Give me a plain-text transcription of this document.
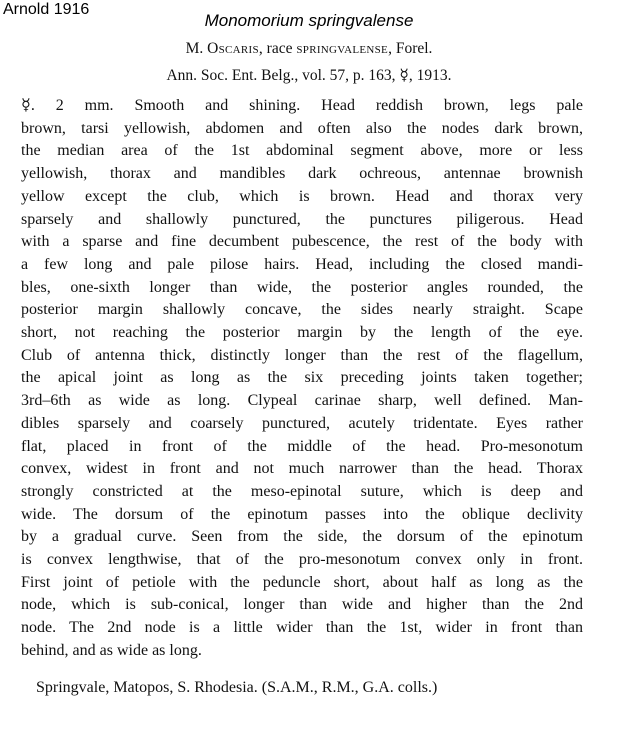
Arnold 1916
Monomorium springvalense
M. Oscaris, race springvalense, Forel.
Ann. Soc. Ent. Belg., vol. 57, p. 163, ☿, 1913.

☿. 2 mm. Smooth and shining. Head reddish brown, legs pale

brown, tarsi yellowish, abdomen and often also the nodes dark brown,

the median area of the 1st abdominal segment above, more or less

yellowish, thorax and mandibles dark ochreous, antennae brownish

yellow except the club, which is brown. Head and thorax very

sparsely and shallowly punctured, the punctures piligerous. Head

with a sparse and fine decumbent pubescence, the rest of the body with

a few long and pale pilose hairs. Head, including the closed mandi-

bles, one-sixth longer than wide, the posterior angles rounded, the

posterior margin shallowly concave, the sides nearly straight. Scape

short, not reaching the posterior margin by the length of the eye.

Club of antenna thick, distinctly longer than the rest of the flagellum,

the apical joint as long as the six preceding joints taken together;

3rd–6th as wide as long. Clypeal carinae sharp, well defined. Man-

dibles sparsely and coarsely punctured, acutely tridentate. Eyes rather

flat, placed in front of the middle of the head. Pro-mesonotum

convex, widest in front and not much narrower than the head. Thorax

strongly constricted at the meso-epinotal suture, which is deep and

wide. The dorsum of the epinotum passes into the oblique declivity

by a gradual curve. Seen from the side, the dorsum of the epinotum

is convex lengthwise, that of the pro-mesonotum convex only in front.

First joint of petiole with the peduncle short, about half as long as the

node, which is sub-conical, longer than wide and higher than the 2nd

node. The 2nd node is a little wider than the 1st, wider in front than

behind, and as wide as long.

Springvale, Matopos, S. Rhodesia. (S.A.M., R.M., G.A. colls.)
